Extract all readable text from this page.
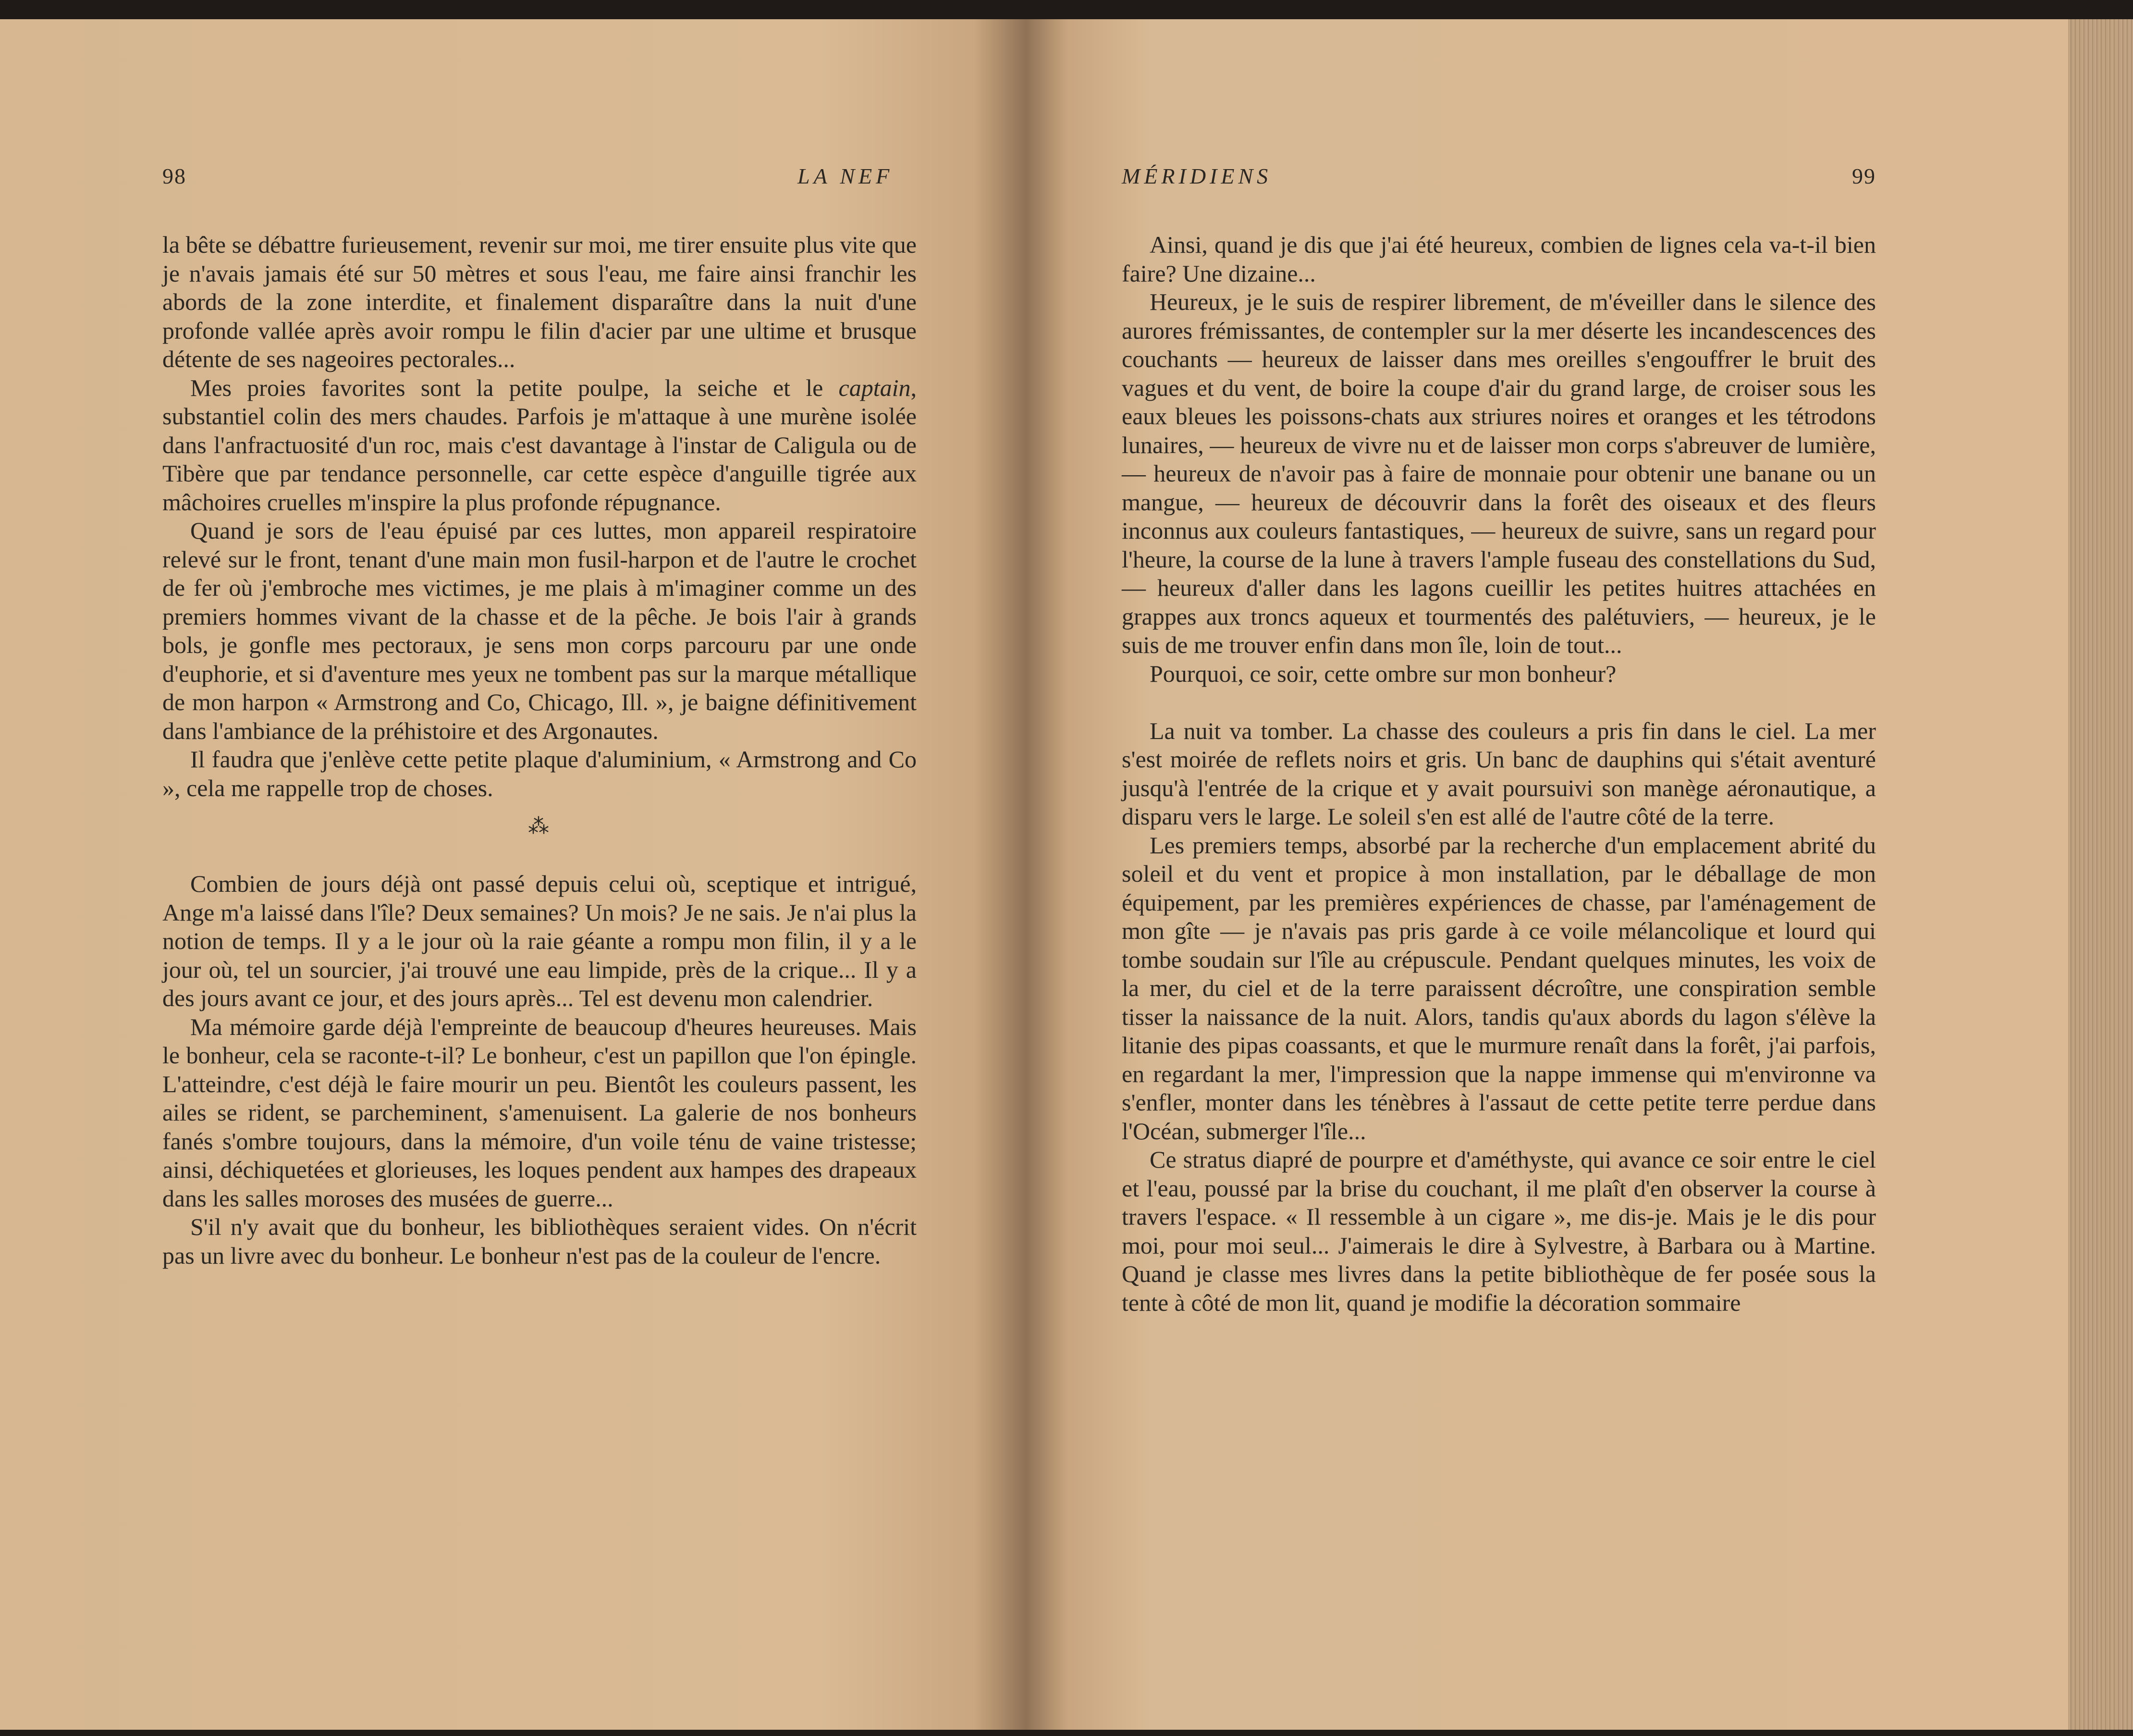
98	LA NEF

la bête se débattre furieusement, revenir sur moi, me tirer ensuite plus vite que je n'avais jamais été sur 50 mètres et sous l'eau, me faire ainsi franchir les abords de la zone interdite, et finalement disparaître dans la nuit d'une profonde vallée après avoir rompu le filin d'acier par une ultime et brusque détente de ses nageoires pectorales...

Mes proies favorites sont la petite poulpe, la seiche et le captain, substantiel colin des mers chaudes. Parfois je m'attaque à une murène isolée dans l'anfractuosité d'un roc, mais c'est davantage à l'instar de Caligula ou de Tibère que par tendance personnelle, car cette espèce d'anguille tigrée aux mâchoires cruelles m'inspire la plus profonde répugnance.

Quand je sors de l'eau épuisé par ces luttes, mon appareil respiratoire relevé sur le front, tenant d'une main mon fusil-harpon et de l'autre le crochet de fer où j'embroche mes victimes, je me plais à m'imaginer comme un des premiers hommes vivant de la chasse et de la pêche. Je bois l'air à grands bols, je gonfle mes pectoraux, je sens mon corps parcouru par une onde d'euphorie, et si d'aventure mes yeux ne tombent pas sur la marque métallique de mon harpon « Armstrong and Co, Chicago, Ill. », je baigne définitivement dans l'ambiance de la préhistoire et des Argonautes.

Il faudra que j'enlève cette petite plaque d'aluminium, « Armstrong and Co », cela me rappelle trop de choses.

⁂

Combien de jours déjà ont passé depuis celui où, sceptique et intrigué, Ange m'a laissé dans l'île? Deux semaines? Un mois? Je ne sais. Je n'ai plus la notion de temps. Il y a le jour où la raie géante a rompu mon filin, il y a le jour où, tel un sourcier, j'ai trouvé une eau limpide, près de la crique... Il y a des jours avant ce jour, et des jours après... Tel est devenu mon calendrier.

Ma mémoire garde déjà l'empreinte de beaucoup d'heures heureuses. Mais le bonheur, cela se raconte-t-il? Le bonheur, c'est un papillon que l'on épingle. L'atteindre, c'est déjà le faire mourir un peu. Bientôt les couleurs passent, les ailes se rident, se parcheminent, s'amenuisent. La galerie de nos bonheurs fanés s'ombre toujours, dans la mémoire, d'un voile ténu de vaine tristesse; ainsi, déchiquetées et glorieuses, les loques pendent aux hampes des drapeaux dans les salles moroses des musées de guerre...

S'il n'y avait que du bonheur, les bibliothèques seraient vides. On n'écrit pas un livre avec du bonheur. Le bonheur n'est pas de la couleur de l'encre.

MÉRIDIENS	99

Ainsi, quand je dis que j'ai été heureux, combien de lignes cela va-t-il bien faire? Une dizaine...

Heureux, je le suis de respirer librement, de m'éveiller dans le silence des aurores frémissantes, de contempler sur la mer déserte les incandescences des couchants — heureux de laisser dans mes oreilles s'engouffrer le bruit des vagues et du vent, de boire la coupe d'air du grand large, de croiser sous les eaux bleues les poissons-chats aux striures noires et oranges et les tétrodons lunaires, — heureux de vivre nu et de laisser mon corps s'abreuver de lumière, — heureux de n'avoir pas à faire de monnaie pour obtenir une banane ou un mangue, — heureux de découvrir dans la forêt des oiseaux et des fleurs inconnus aux couleurs fantastiques, — heureux de suivre, sans un regard pour l'heure, la course de la lune à travers l'ample fuseau des constellations du Sud, — heureux d'aller dans les lagons cueillir les petites huitres attachées en grappes aux troncs aqueux et tourmentés des palétuviers, — heureux, je le suis de me trouver enfin dans mon île, loin de tout...

Pourquoi, ce soir, cette ombre sur mon bonheur?

La nuit va tomber. La chasse des couleurs a pris fin dans le ciel. La mer s'est moirée de reflets noirs et gris. Un banc de dauphins qui s'était aventuré jusqu'à l'entrée de la crique et y avait poursuivi son manège aéronautique, a disparu vers le large. Le soleil s'en est allé de l'autre côté de la terre.

Les premiers temps, absorbé par la recherche d'un emplacement abrité du soleil et du vent et propice à mon installation, par le déballage de mon équipement, par les premières expériences de chasse, par l'aménagement de mon gîte — je n'avais pas pris garde à ce voile mélancolique et lourd qui tombe soudain sur l'île au crépuscule. Pendant quelques minutes, les voix de la mer, du ciel et de la terre paraissent décroître, une conspiration semble tisser la naissance de la nuit. Alors, tandis qu'aux abords du lagon s'élève la litanie des pipas coassants, et que le murmure renaît dans la forêt, j'ai parfois, en regardant la mer, l'impression que la nappe immense qui m'environne va s'enfler, monter dans les ténèbres à l'assaut de cette petite terre perdue dans l'Océan, submerger l'île...

Ce stratus diapré de pourpre et d'améthyste, qui avance ce soir entre le ciel et l'eau, poussé par la brise du couchant, il me plaît d'en observer la course à travers l'espace. « Il ressemble à un cigare », me dis-je. Mais je le dis pour moi, pour moi seul... J'aimerais le dire à Sylvestre, à Barbara ou à Martine. Quand je classe mes livres dans la petite bibliothèque de fer posée sous la tente à côté de mon lit, quand je modifie la décoration sommaire
